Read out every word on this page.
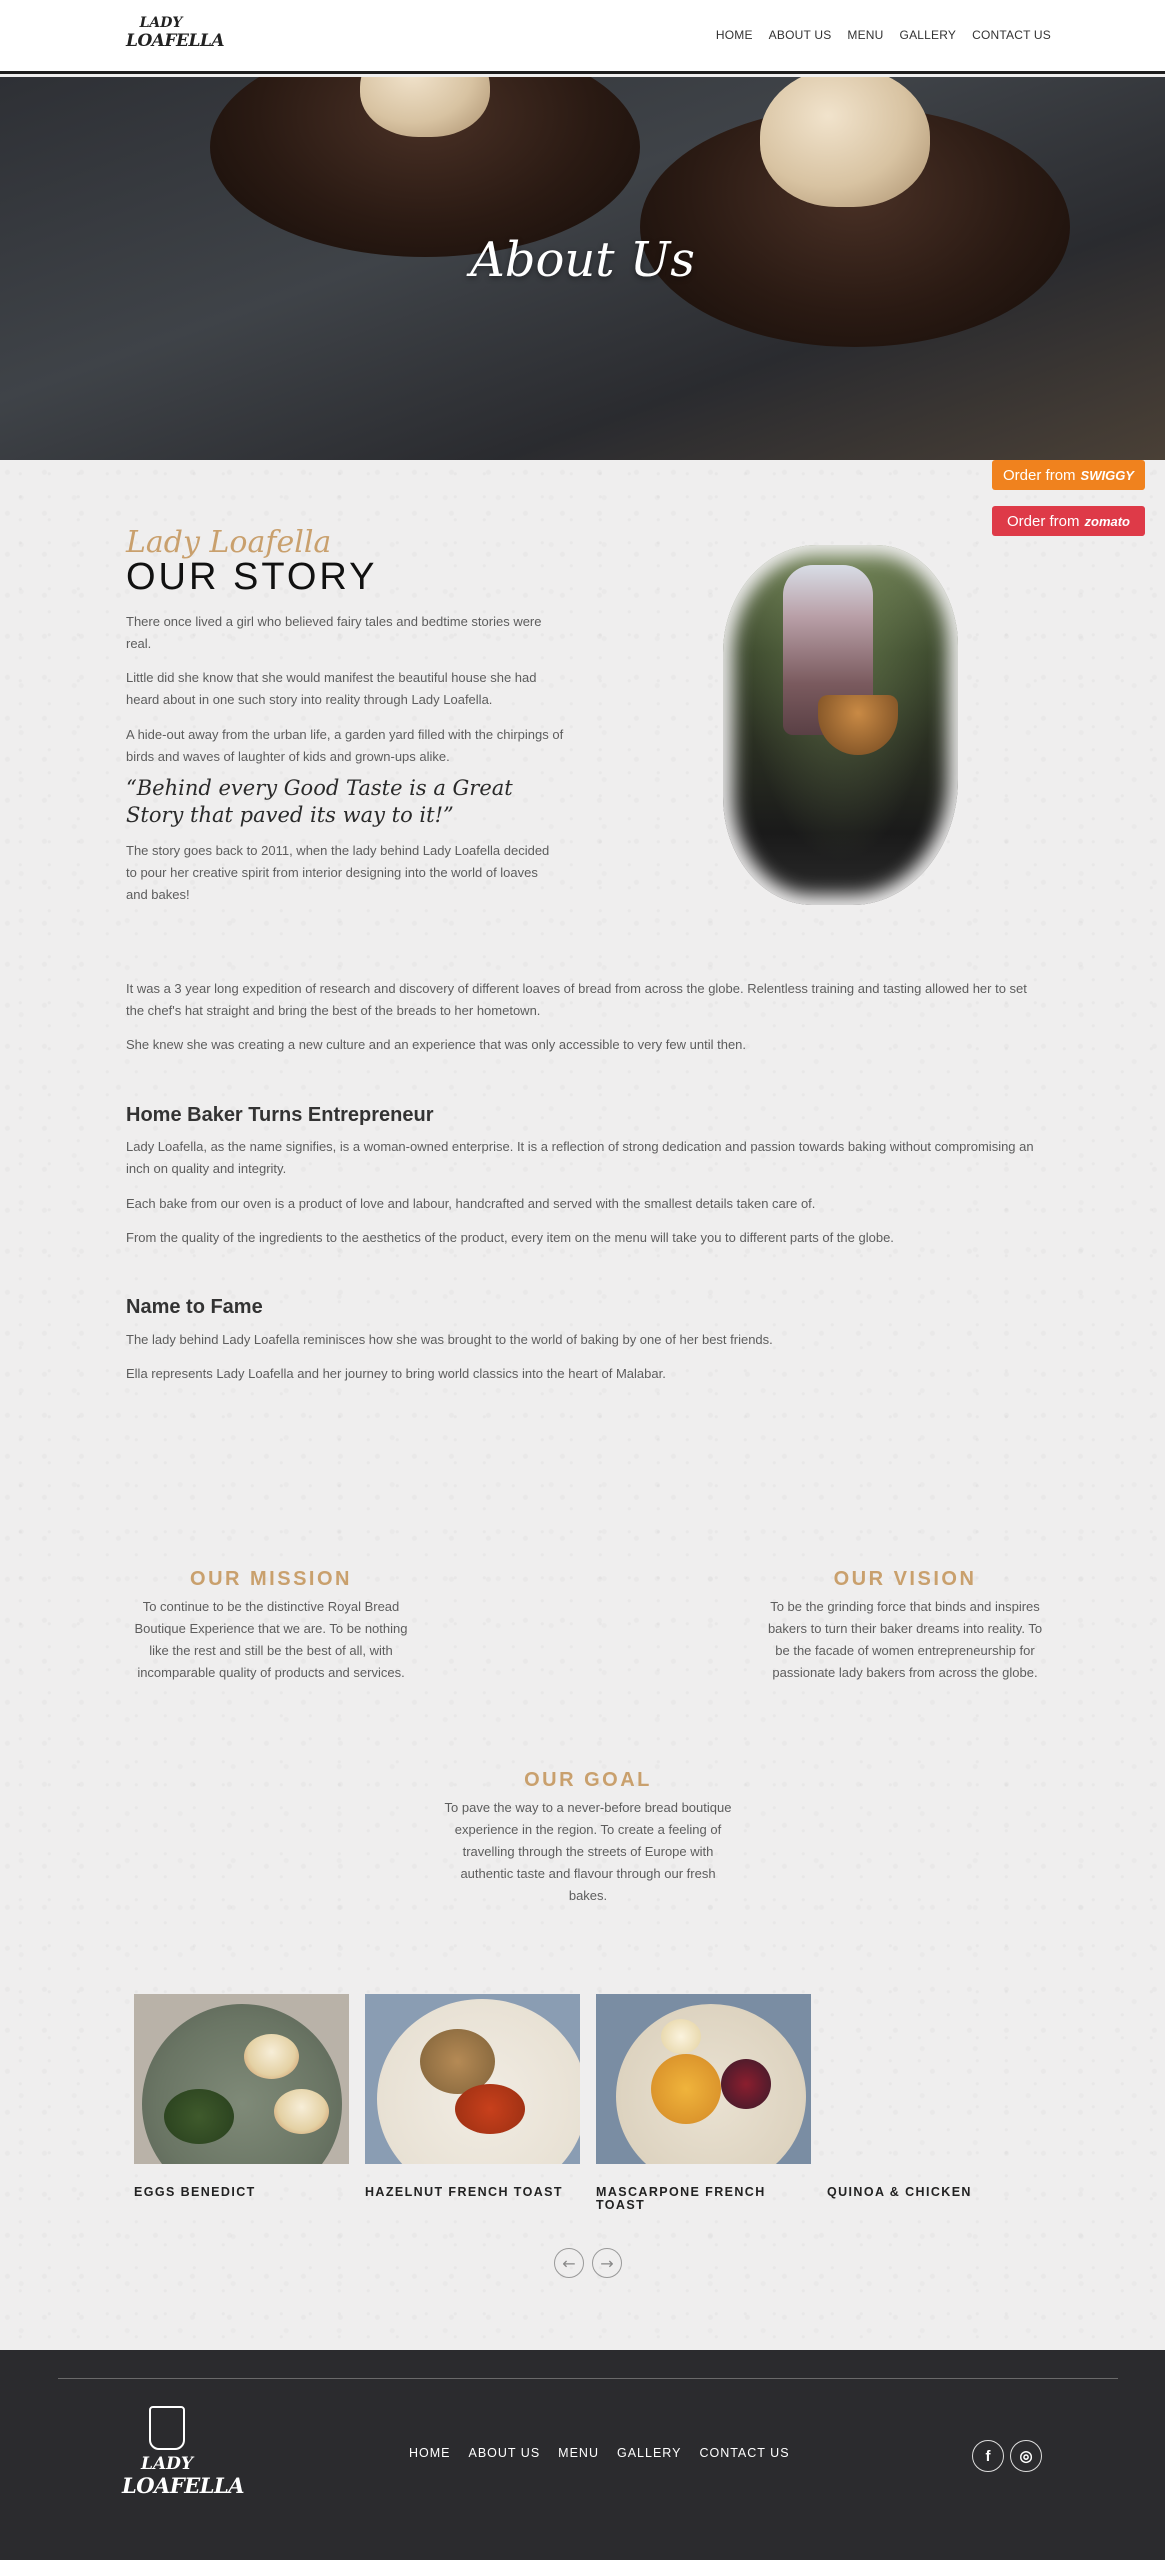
LADY
LOAFELLA	HOME ABOUT US MENU GALLERY CONTACT US
About Us
Order from SWIGGY
Order from zomato
Lady Loafella
OUR STORY

There once lived a girl who believed fairy tales and bedtime stories were real.

Little did she know that she would manifest the beautiful house she had heard about in one such story into reality through Lady Loafella.

A hide-out away from the urban life, a garden yard filled with the chirpings of birds and waves of laughter of kids and grown-ups alike.

“Behind every Good Taste is a Great Story that paved its way to it!”

The story goes back to 2011, when the lady behind Lady Loafella decided to pour her creative spirit from interior designing into the world of loaves and bakes!

It was a 3 year long expedition of research and discovery of different loaves of bread from across the globe. Relentless training and tasting allowed her to set the chef's hat straight and bring the best of the breads to her hometown.

She knew she was creating a new culture and an experience that was only accessible to very few until then.

Home Baker Turns Entrepreneur

Lady Loafella, as the name signifies, is a woman-owned enterprise. It is a reflection of strong dedication and passion towards baking without compromising an inch on quality and integrity.

Each bake from our oven is a product of love and labour, handcrafted and served with the smallest details taken care of.

From the quality of the ingredients to the aesthetics of the product, every item on the menu will take you to different parts of the globe.

Name to Fame

The lady behind Lady Loafella reminisces how she was brought to the world of baking by one of her best friends.

Ella represents Lady Loafella and her journey to bring world classics into the heart of Malabar.

OUR MISSION
To continue to be the distinctive Royal Bread Boutique Experience that we are. To be nothing like the rest and still be the best of all, with incomparable quality of products and services.
OUR VISION
To be the grinding force that binds and inspires bakers to turn their baker dreams into reality. To be the facade of women entrepreneurship for passionate lady bakers from across the globe.
OUR GOAL
To pave the way to a never-before bread boutique experience in the region. To create a feeling of travelling through the streets of Europe with authentic taste and flavour through our fresh bakes.
EGGS BENEDICT	HAZELNUT FRENCH TOAST	MASCARPONE FRENCH TOAST
QUINOA & CHICKEN
← →
LADY
LOAFELLA
HOME ABOUT US MENU GALLERY CONTACT US	f ◎
